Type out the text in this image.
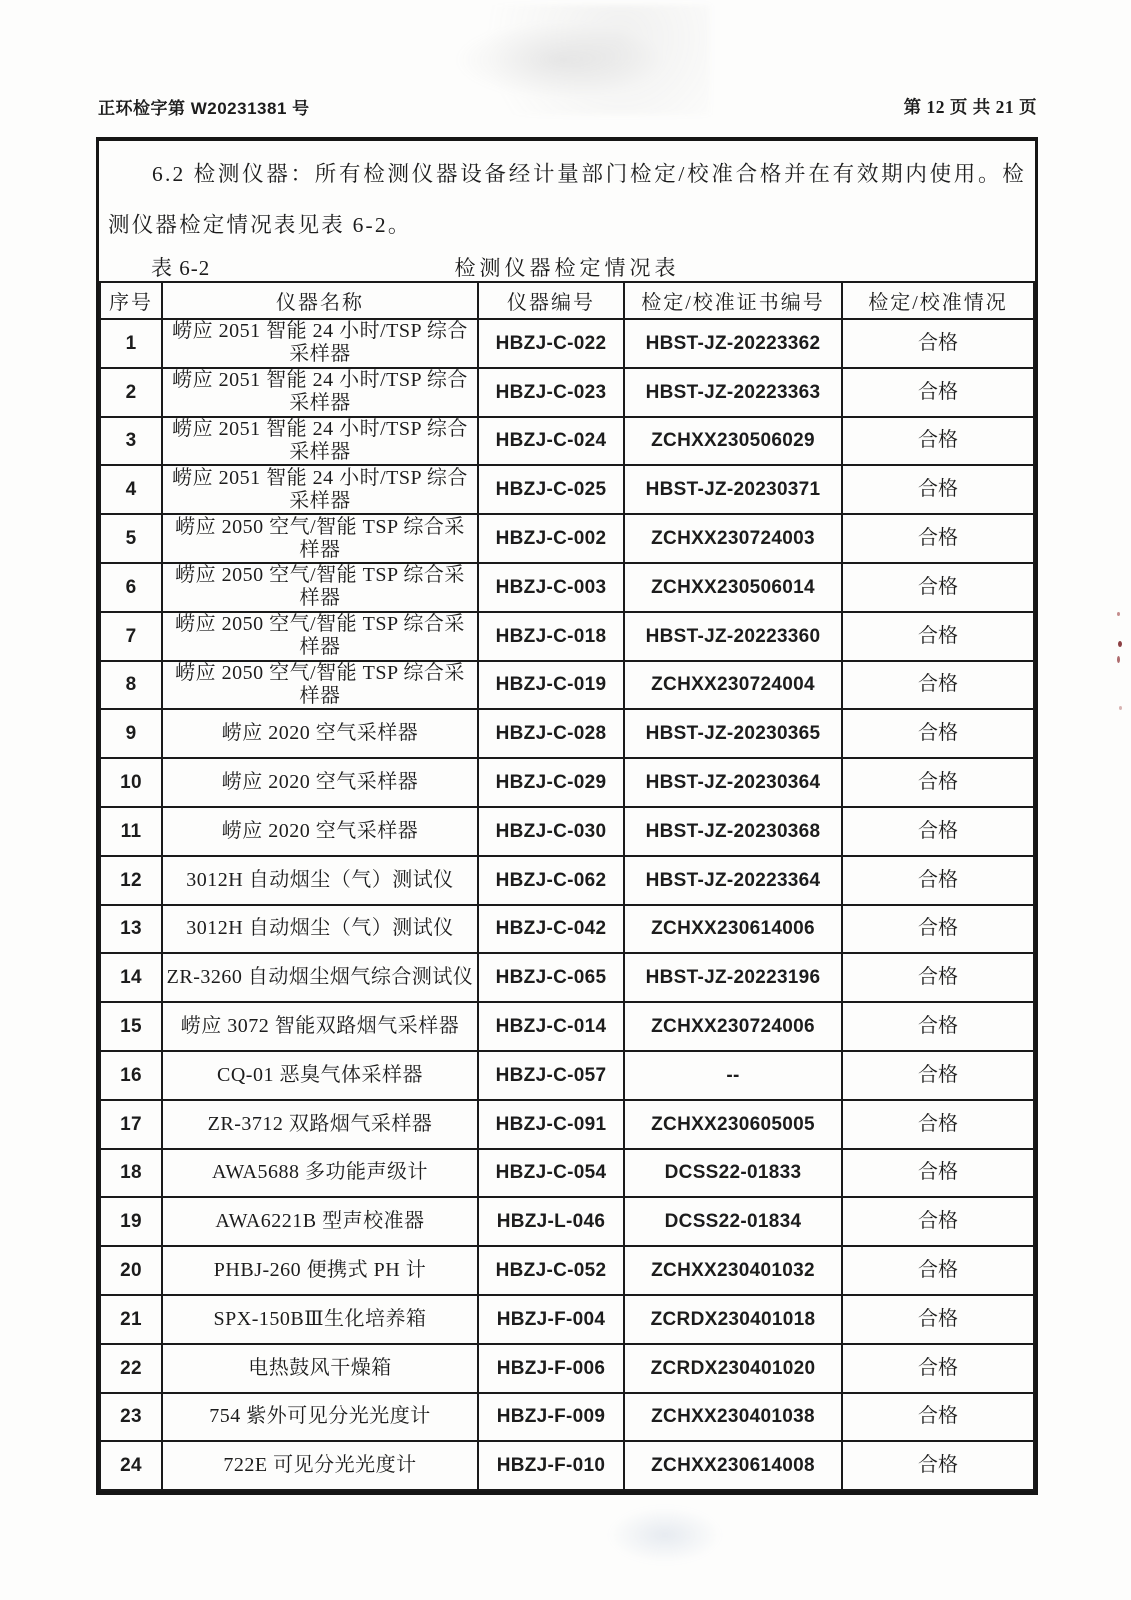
正环检字第 W20231381 号	第 12 页 共 21 页

6.2 检测仪器：所有检测仪器设备经计量部门检定/校准合格并在有效期内使用。检测仪器检定情况表见表 6-2。

表 6-2	检测仪器检定情况表
序号	仪器名称	仪器编号	检定/校准证书编号	检定/校准情况
1	崂应 2051 智能 24 小时/TSP 综合采样器	HBZJ-C-022	HBST-JZ-20223362	合格
2	崂应 2051 智能 24 小时/TSP 综合采样器	HBZJ-C-023	HBST-JZ-20223363	合格
3	崂应 2051 智能 24 小时/TSP 综合采样器	HBZJ-C-024	ZCHXX230506029	合格
4	崂应 2051 智能 24 小时/TSP 综合采样器	HBZJ-C-025	HBST-JZ-20230371	合格
5	崂应 2050 空气/智能 TSP 综合采样器	HBZJ-C-002	ZCHXX230724003	合格
6	崂应 2050 空气/智能 TSP 综合采样器	HBZJ-C-003	ZCHXX230506014	合格
7	崂应 2050 空气/智能 TSP 综合采样器	HBZJ-C-018	HBST-JZ-20223360	合格
8	崂应 2050 空气/智能 TSP 综合采样器	HBZJ-C-019	ZCHXX230724004	合格
9	崂应 2020 空气采样器	HBZJ-C-028	HBST-JZ-20230365	合格
10	崂应 2020 空气采样器	HBZJ-C-029	HBST-JZ-20230364	合格
11	崂应 2020 空气采样器	HBZJ-C-030	HBST-JZ-20230368	合格
12	3012H 自动烟尘（气）测试仪	HBZJ-C-062	HBST-JZ-20223364	合格
13	3012H 自动烟尘（气）测试仪	HBZJ-C-042	ZCHXX230614006	合格
14	ZR-3260 自动烟尘烟气综合测试仪	HBZJ-C-065	HBST-JZ-20223196	合格
15	崂应 3072 智能双路烟气采样器	HBZJ-C-014	ZCHXX230724006	合格
16	CQ-01 恶臭气体采样器	HBZJ-C-057	--	合格
17	ZR-3712 双路烟气采样器	HBZJ-C-091	ZCHXX230605005	合格
18	AWA5688 多功能声级计	HBZJ-C-054	DCSS22-01833	合格
19	AWA6221B 型声校准器	HBZJ-L-046	DCSS22-01834	合格
20	PHBJ-260 便携式 PH 计	HBZJ-C-052	ZCHXX230401032	合格
21	SPX-150BⅢ生化培养箱	HBZJ-F-004	ZCRDX230401018	合格
22	电热鼓风干燥箱	HBZJ-F-006	ZCRDX230401020	合格
23	754 紫外可见分光光度计	HBZJ-F-009	ZCHXX230401038	合格
24	722E 可见分光光度计	HBZJ-F-010	ZCHXX230614008	合格
